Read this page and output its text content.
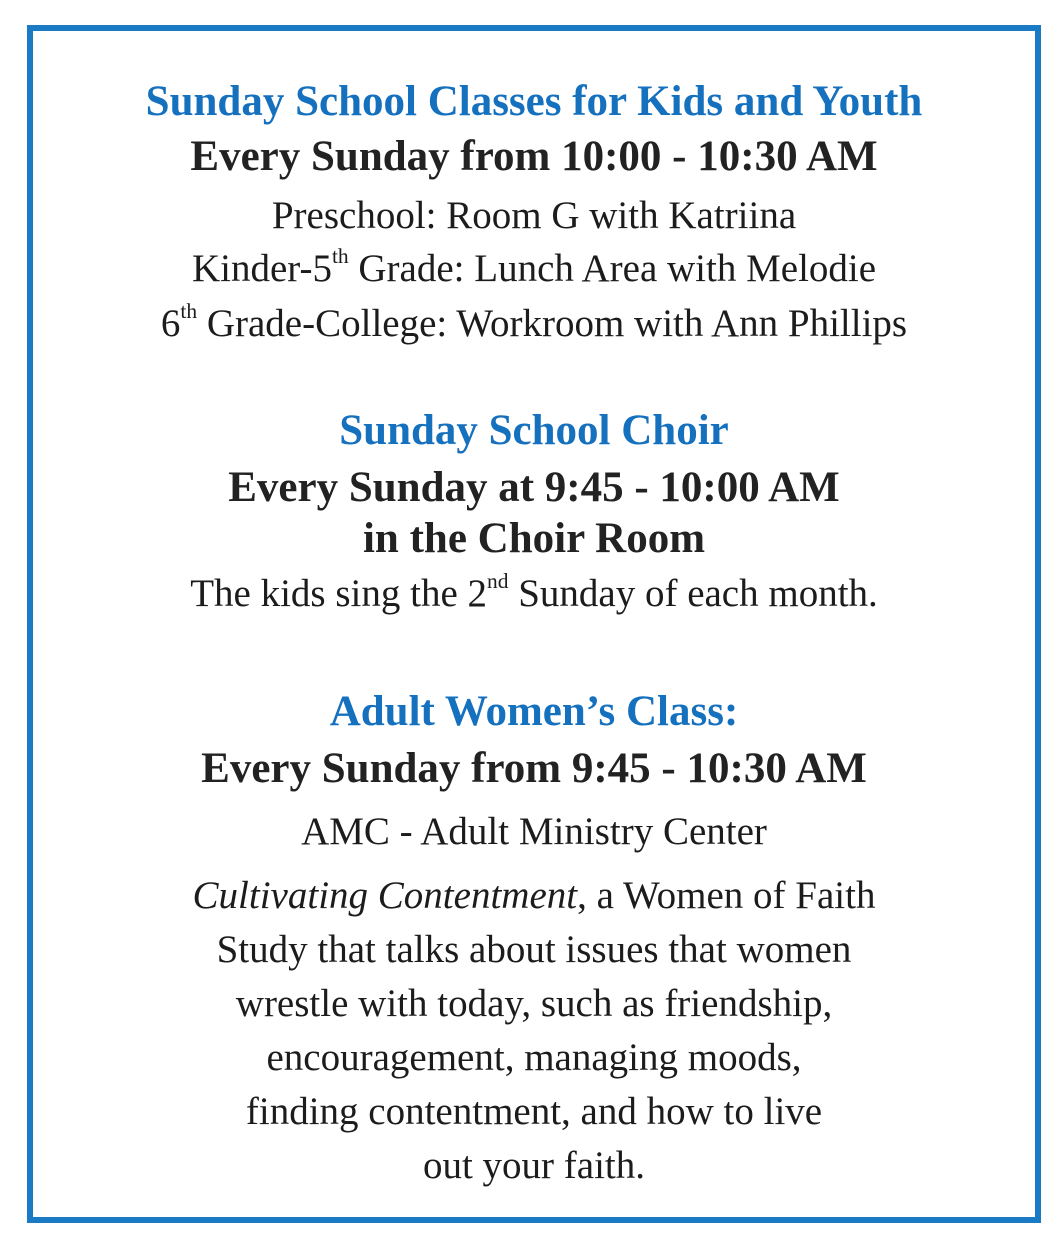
Sunday School Classes for Kids and Youth
Every Sunday from 10:00 - 10:30 AM
Preschool: Room G with Katriina
Kinder-5th Grade: Lunch Area with Melodie
6th Grade-College: Workroom with Ann Phillips
Sunday School Choir
Every Sunday at 9:45 - 10:00 AM
in the Choir Room
The kids sing the 2nd Sunday of each month.
Adult Women’s Class:
Every Sunday from 9:45 - 10:30 AM
AMC - Adult Ministry Center
Cultivating Contentment, a Women of Faith
Study that talks about issues that women
wrestle with today, such as friendship,
encouragement, managing moods,
finding contentment, and how to live
out your faith.
